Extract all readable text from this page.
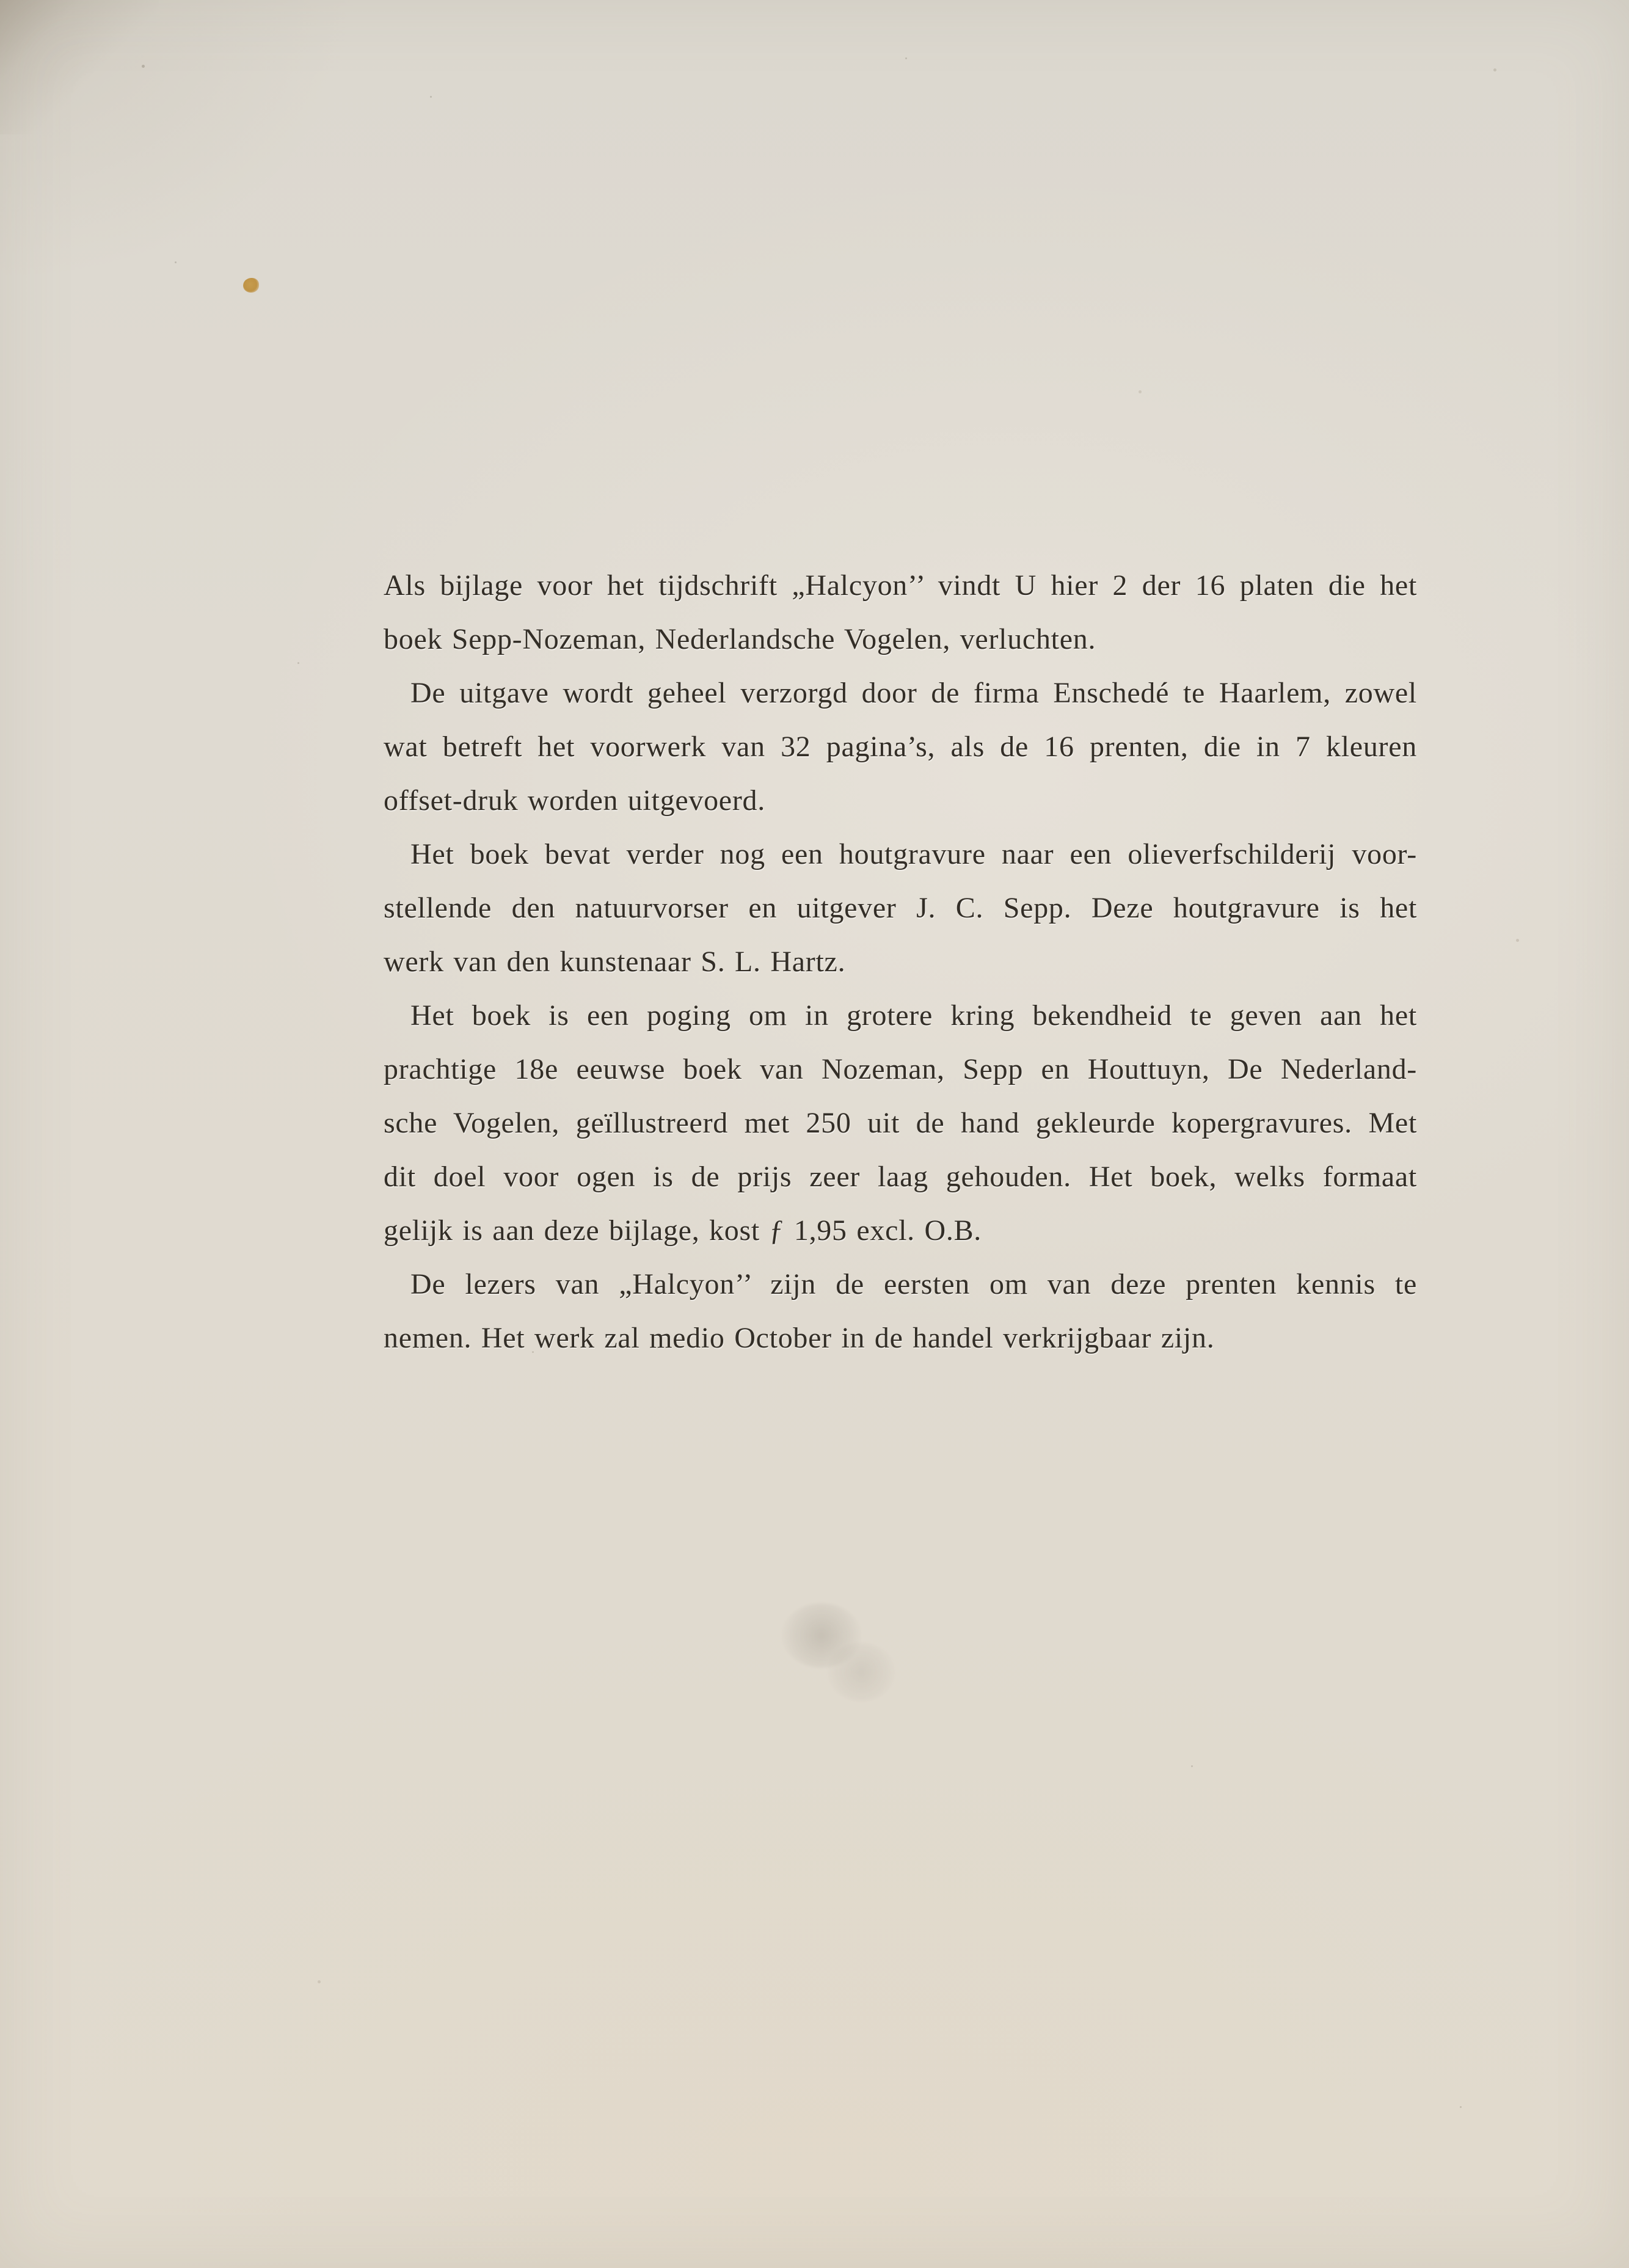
Als bijlage voor het tijdschrift „Halcyon’’ vindt U hier 2 der 16 platen die het
boek Sepp-Nozeman, Nederlandsche Vogelen, verluchten.
De uitgave wordt geheel verzorgd door de firma Enschedé te Haarlem, zowel
wat betreft het voorwerk van 32 pagina’s, als de 16 prenten, die in 7 kleuren
offset-druk worden uitgevoerd.
Het boek bevat verder nog een houtgravure naar een olieverfschilderij voor-
stellende den natuurvorser en uitgever J. C. Sepp. Deze houtgravure is het
werk van den kunstenaar S. L. Hartz.
Het boek is een poging om in grotere kring bekendheid te geven aan het
prachtige 18e eeuwse boek van Nozeman, Sepp en Houttuyn, De Nederland-
sche Vogelen, geïllustreerd met 250 uit de hand gekleurde kopergravures. Met
dit doel voor ogen is de prijs zeer laag gehouden. Het boek, welks formaat
gelijk is aan deze bijlage, kost ƒ 1,95 excl. O.B.
De lezers van „Halcyon’’ zijn de eersten om van deze prenten kennis te
nemen. Het werk zal medio October in de handel verkrijgbaar zijn.
